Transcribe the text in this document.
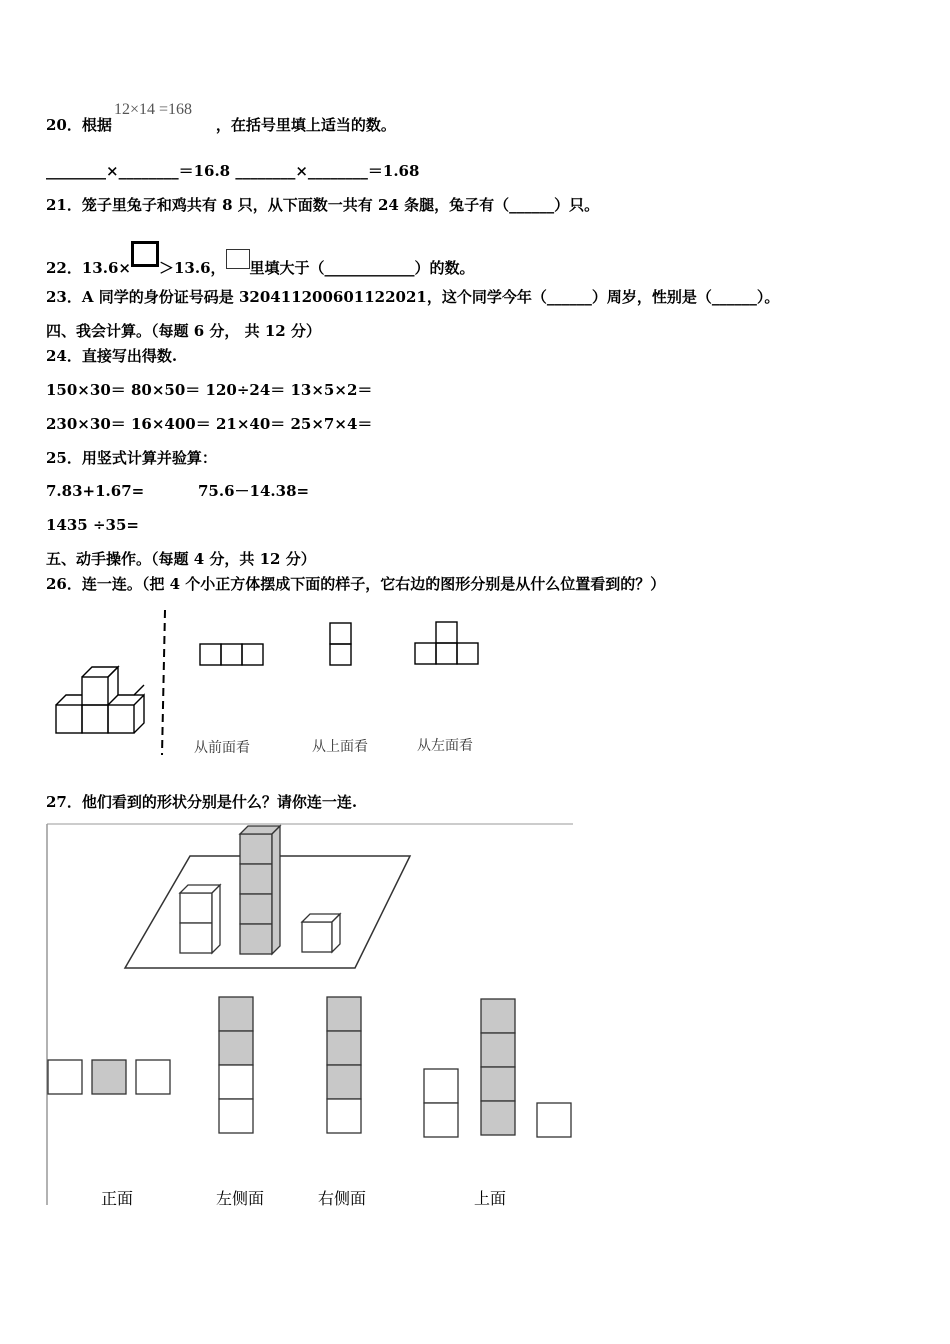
20．根据	，在括号里填上适当的数。
12×14 =168
________×________＝16.8 ________×________＝1.68
21．笼子里兔子和鸡共有 8 只，从下面数一共有 24 条腿，兔子有（______）只。
22．13.6× ＞13.6， 里填大于（____________）的数。
23．A 同学的身份证号码是 320411200601122021，这个同学今年（______）周岁，性别是（______）。
四、我会计算。（每题 6 分， 共 12 分）
24．直接写出得数.
150×30＝ 80×50＝ 120÷24＝ 13×5×2＝
230×30＝ 16×400＝ 21×40＝ 25×7×4＝
25．用竖式计算并验算：
7.83+1.67=	75.6－14.38=
1435 ÷35=
五、动手操作。（每题 4 分，共 12 分）
26．连一连。（把 4 个小正方体摆成下面的样子，它右边的图形分别是从什么位置看到的？）
从前面看	从上面看	从左面看
27．他们看到的形状分别是什么？请你连一连.
正面	左侧面	右侧面	上面
